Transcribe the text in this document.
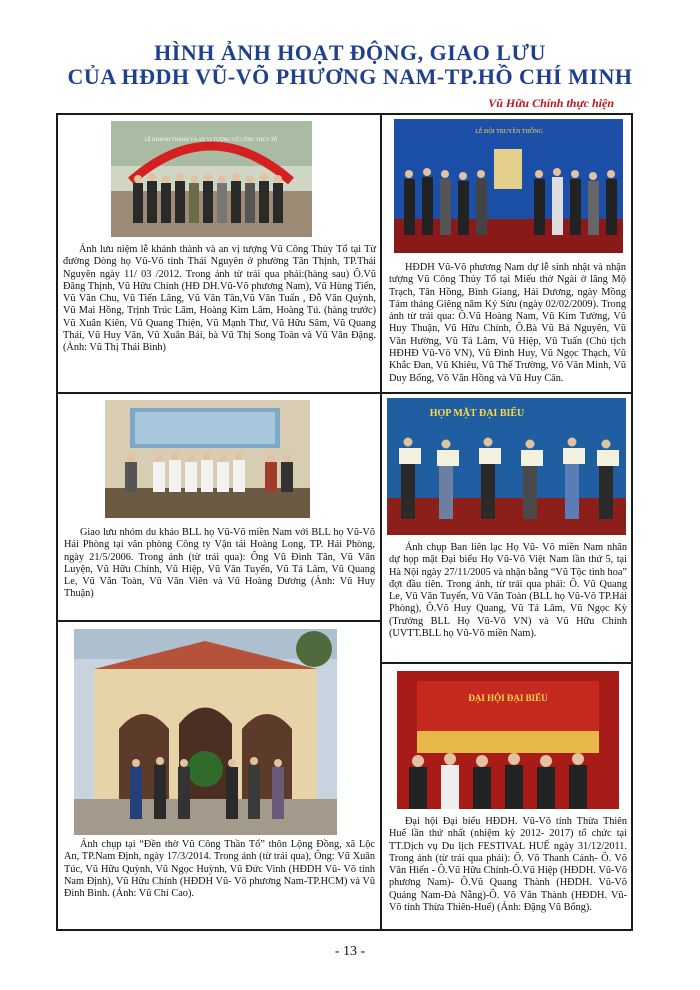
HÌNH ẢNH HOẠT ĐỘNG, GIAO LƯU
CỦA HĐDH VŨ-VÕ PHƯƠNG NAM-TP.HỒ CHÍ MINH
Vũ Hữu Chính thực hiện
LỄ KHÁNH THÀNH VÀ AN VỊ TƯỢNG VŨ CÔNG THỦY TỔ
Ảnh lưu niệm lễ khánh thành và an vị tượng Vũ Công Thủy Tổ tại Từ đường Dòng họ Vũ-Võ tỉnh Thái Nguyên ở phường Tân Thịnh, TP.Thái Nguyên ngày 11/ 03 /2012. Trong ảnh từ trái qua phải:(hàng sau) Ô.Vũ Đăng Thịnh, Vũ Hữu Chính (HĐ DH.Vũ-Võ phương Nam), Vũ Hùng Tiến, Vũ Văn Chu, Vũ Tiến Lãng, Vũ Văn Tân,Vũ Văn Tuấn , Đỗ Văn Quỳnh, Vũ Mai Hồng, Trịnh Trúc Lâm, Hoàng Kim Lâm, Hoàng Tú. (hàng trước) Vũ Xuân Kiên, Vũ Quang Thiện, Vũ Mạnh Thư, Vũ Hữu Sâm, Vũ Quang Thái, Vũ Huy Văn, Vũ Xuân Bái, bà Vũ Thị Song Toàn và Vũ Văn Đặng. (Ảnh: Vũ Thị Thái Bình)
LỄ ĐỘI TRUYỀN THỐNG
HĐDH Vũ-Võ phương Nam dự lễ sinh nhật và nhận tượng Vũ Công Thủy Tổ tại Miếu thờ Ngài ở lăng Mộ Trạch, Tân Hồng, Bình Giang, Hải Dương, ngày Mồng Tám tháng Giêng năm Kỷ Sửu (ngày 02/02/2009). Trong ảnh từ trái qua: Ô.Vũ Hoàng Nam, Vũ Kim Tường, Vũ Huy Thuận, Vũ Hữu Chính, Ô.Bà Vũ Bá Nguyên, Vũ Văn Hường, Vũ Tá Lâm, Vũ Hiệp, Vũ Tuấn (Chủ tịch HĐHĐ Vũ-Võ VN), Vũ Đình Huy, Vũ Ngọc Thạch, Vũ Khắc Đan, Vũ Khiêu, Vũ Thế Trường, Võ Văn Minh, Vũ Duy Bổng, Võ Văn Hồng và Vũ Huy Cân.
Giao lưu nhóm du khảo BLL họ Vũ-Võ miền Nam với BLL họ Vũ-Võ Hải Phòng tại văn phòng Công ty Vận tải Hoàng Long, TP. Hải Phòng, ngày 21/5/2006. Trong ảnh (từ trái qua): Ông Vũ Đình Tân, Vũ Văn Luyện, Vũ Hữu Chính, Vũ Hiệp, Vũ Văn Tuyển, Vũ Tá Lâm, Vũ Quang Le, Vũ Văn Toàn, Vũ Văn Viên và Vũ Hoàng Dương (Ảnh: Vũ Huy Thuận)
HỌP MẶT ĐẠI BIỂU
Ảnh chụp Ban liên lạc Họ Vũ- Võ miền Nam nhân dự họp mặt Đại biểu Họ Vũ-Võ Việt Nam lần thứ 5, tại Hà Nội ngày 27/11/2005 và nhận bằng “Vũ Tộc tình hoa” đợt đầu tiên. Trong ảnh, từ trái qua phải: Ô. Vũ Quang Le, Vũ Văn Tuyển, Vũ Văn Toàn (BLL họ Vũ-Võ TP.Hải Phòng), Ô.Võ Huy Quang, Vũ Tá Lâm, Vũ Ngọc Kỳ (Trưởng BLL Họ Vũ-Võ VN) và Vũ Hữu Chính (UVTT.BLL họ Vũ-Võ miền Nam).
Ảnh chụp tại “Đền thờ Vũ Công Thần Tổ” thôn Lộng Đồng, xã Lộc An, TP.Nam Định, ngày 17/3/2014. Trong ảnh (từ trái qua), Ông: Vũ Xuân Túc, Vũ Hữu Quỳnh, Vũ Ngọc Huỳnh, Vũ Đức Vinh (HĐDH Vũ- Võ tỉnh Nam Định), Vũ Hữu Chính (HĐDH Vũ- Võ phương Nam-TP.HCM) và Vũ Đình Bình. (Ảnh: Vũ Chí Cao).
ĐẠI HỘI ĐẠI BIỂU
Đại hội Đại biểu HĐDH. Vũ-Võ tỉnh Thừa Thiên Huế lần thứ nhất (nhiệm kỳ 2012- 2017) tổ chức tại TT.Dịch vụ Du lịch FESTIVAL HUẾ ngày 31/12/2011. Trong ảnh (từ trái qua phải): Ô. Võ Thanh Cảnh- Ô. Võ Văn Hiến - Ô.Vũ Hữu Chính-Ô.Vũ Hiệp (HĐDH. Vũ-Võ phương Nam)- Ô.Vũ Quang Thành (HĐDH. Vũ-Võ Quảng Nam-Đà Nẵng)-Ô. Võ Văn Thành (HĐDH. Vũ-Võ tỉnh Thừa Thiên-Huế) (Ảnh: Đặng Vũ Bổng).
- 13 -
